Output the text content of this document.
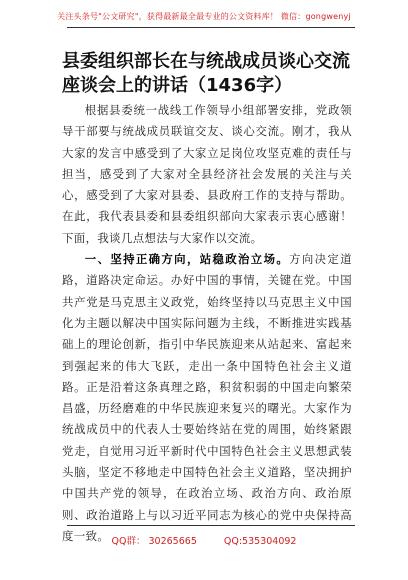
关注头条号"公文研究"，获得最新最全最专业的公文资料库！ 微信：gongwenyj
县委组织部长在与统战成员谈心交流座谈会上的讲话（1436字）

根据县委统一战线工作领导小组部署安排，党政领导干部要与统战成员联谊交友、谈心交流。刚才，我从大家的发言中感受到了大家立足岗位攻坚克难的责任与担当，感受到了大家对全县经济社会发展的关注与关心，感受到了大家对县委、县政府工作的支持与帮助。在此，我代表县委和县委组织部向大家表示衷心感谢！下面，我谈几点想法与大家作以交流。

一、坚持正确方向，站稳政治立场。方向决定道路，道路决定命运。办好中国的事情，关键在党。中国共产党是马克思主义政党，始终坚持以马克思主义中国化为主题以解决中国实际问题为主线，不断推进实践基础上的理论创新，指引中华民族迎来从站起来、富起来到强起来的伟大飞跃，走出一条中国特色社会主义道路。正是沿着这条真理之路，积贫积弱的中国走向繁荣昌盛，历经磨难的中华民族迎来复兴的曙光。大家作为统战成员中的代表人士要始终站在党的周围，始终紧跟党走，自觉用习近平新时代中国特色社会主义思想武装头脑，坚定不移地走中国特色社会主义道路，坚决拥护中国共产党的领导，在政治立场、政治方向、政治原则、政治道路上与以习近平同志为核心的党中央保持高度一致。 QQ群： 30265665	QQ:535304092
